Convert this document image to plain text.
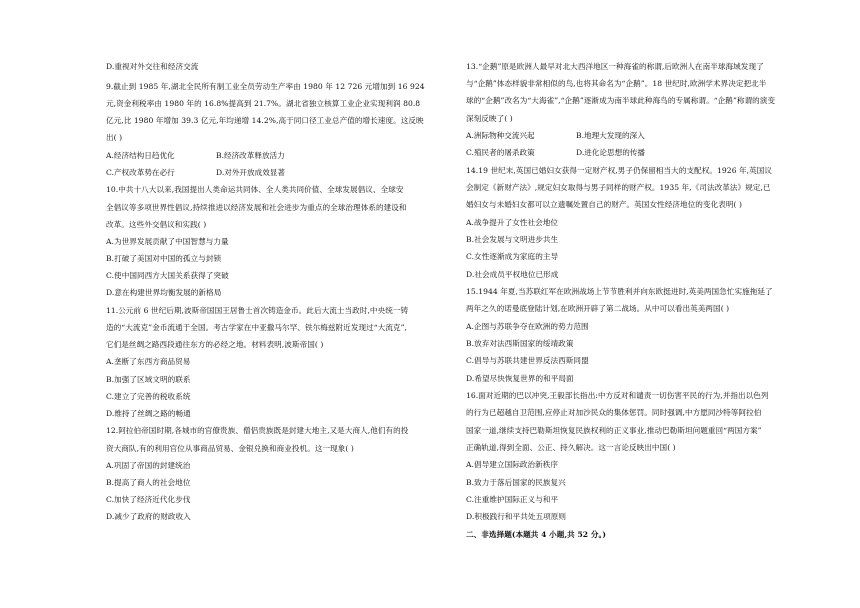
D.重视对外交往和经济交流
9.截止到 1985 年,湖北全民所有制工业全员劳动生产率由 1980 年 12 726 元增加到 16 924
元,资金利税率由 1980 年的 16.8%提高到 21.7%。湖北省独立核算工业企业实现利润 80.8
亿元,比 1980 年增加 39.3 亿元,年均递增 14.2%,高于同口径工业总产值的增长速度。这反映
出( )
A.经济结构日趋优化	B.经济改革释放活力
C.产权改革势在必行	D.对外开放成效显著
10.中共十八大以来,我国提出人类命运共同体、全人类共同价值、全球发展倡议、全球安
全倡议等多项世界性倡议,持续推进以经济发展和社会进步为重点的全球治理体系的建设和
改革。这些外交倡议和实践( )
A.为世界发展贡献了中国智慧与力量
B.打破了美国对中国的孤立与封锁
C.使中国同西方大国关系获得了突破
D.意在构建世界均衡发展的新格局
11.公元前 6 世纪后期,波斯帝国国王居鲁士首次铸造金币。此后大流士当政时,中央统一铸
造的“大流克”金币流通于全国。考古学家在中亚撒马尔罕、铁尔梅兹附近发现过“大流克”,
它们是丝绸之路西段通往东方的必经之地。材料表明,波斯帝国( )
A.垄断了东西方商品贸易
B.加强了区域文明的联系
C.建立了完善的税收系统
D.维持了丝绸之路的畅通
12.阿拉伯帝国时期,各城市的官僚贵族、僧侣贵族既是封建大地主,又是大商人,他们有的投
资大商队,有的利用官位从事商品贸易、金银兑换和商业投机。这一现象( )
A.巩固了帝国的封建统治
B.提高了商人的社会地位
C.加快了经济近代化步伐
D.减少了政府的财政收入
13.“企鹅”原是欧洲人最早对北大西洋地区一种海雀的称谓,后欧洲人在南半球海域发现了
与“企鹅”体态样貌非常相似的鸟,也将其命名为“企鹅”。18 世纪时,欧洲学术界决定把北半
球的“企鹅”改名为“大海雀”,“企鹅”逐渐成为南半球此种海鸟的专属称谓。“企鹅”称谓的演变
深刻反映了( )
A.洲际物种交流兴起	B.地理大发现的深入
C.殖民者的屠杀政策	D.进化论思想的传播
14.19 世纪末,英国已婚妇女获得一定财产权,男子仍保留相当大的支配权。1926 年,英国议
会制定《新财产法》,规定妇女取得与男子同样的财产权。1935 年,《司法改革法》规定,已
婚妇女与未婚妇女都可以立遗嘱处置自己的财产。英国女性经济地位的变化表明( )
A.战争提升了女性社会地位
B.社会发展与文明进步共生
C.女性逐渐成为家庭的主导
D.社会成员平权地位已形成
15.1944 年夏,当苏联红军在欧洲战场上节节胜利并向东欧挺进时,英美两国急忙实施拖延了
两年之久的诺曼底登陆计划,在欧洲开辟了第二战场。从中可以看出英美两国( )
A.企图与苏联争夺在欧洲的势力范围
B.放弃对法西斯国家的绥靖政策
C.倡导与苏联共建世界反法西斯同盟
D.希望尽快恢复世界的和平局面
16.面对近期的巴以冲突,王毅部长指出:中方反对和谴责一切伤害平民的行为,并指出以色列
的行为已超越自卫范围,应停止对加沙民众的集体惩罚。同时强调,中方愿同沙特等阿拉伯
国家一道,继续支持巴勒斯坦恢复民族权利的正义事业,推动巴勒斯坦问题重回“两国方案”
正确轨道,得到全面、公正、持久解决。这一言论反映出中国( )
A.倡导建立国际政治新秩序
B.致力于落后国家的民族复兴
C.注重维护国际正义与和平
D.积极践行和平共处五项原则
二、非选择题(本题共 4 小题,共 52 分。)
